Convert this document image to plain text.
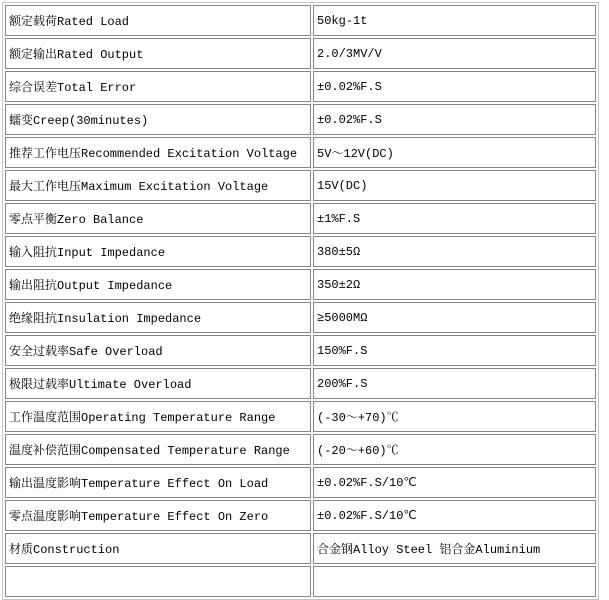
额定载荷Rated Load	50kg-1t
额定输出Rated Output	2.0/3MV/V
综合误差Total Error	±0.02%F.S
蠕变Creep(30minutes)	±0.02%F.S
推荐工作电压Recommended Excitation Voltage	5V～12V(DC)
最大工作电压Maximum Excitation Voltage	15V(DC)
零点平衡Zero Balance	±1%F.S
输入阻抗Input Impedance	380±5Ω
输出阻抗Output Impedance	350±2Ω
绝缘阻抗Insulation Impedance	≥5000MΩ
安全过载率Safe Overload	150%F.S
极限过载率Ultimate Overload	200%F.S
工作温度范围Operating Temperature Range	(-30～+70)℃
温度补偿范围Compensated Temperature Range	(-20～+60)℃
输出温度影响Temperature Effect On Load	±0.02%F.S/10℃
零点温度影响Temperature Effect On Zero	±0.02%F.S/10℃
材质Construction	合金钢Alloy Steel 铝合金Aluminium
